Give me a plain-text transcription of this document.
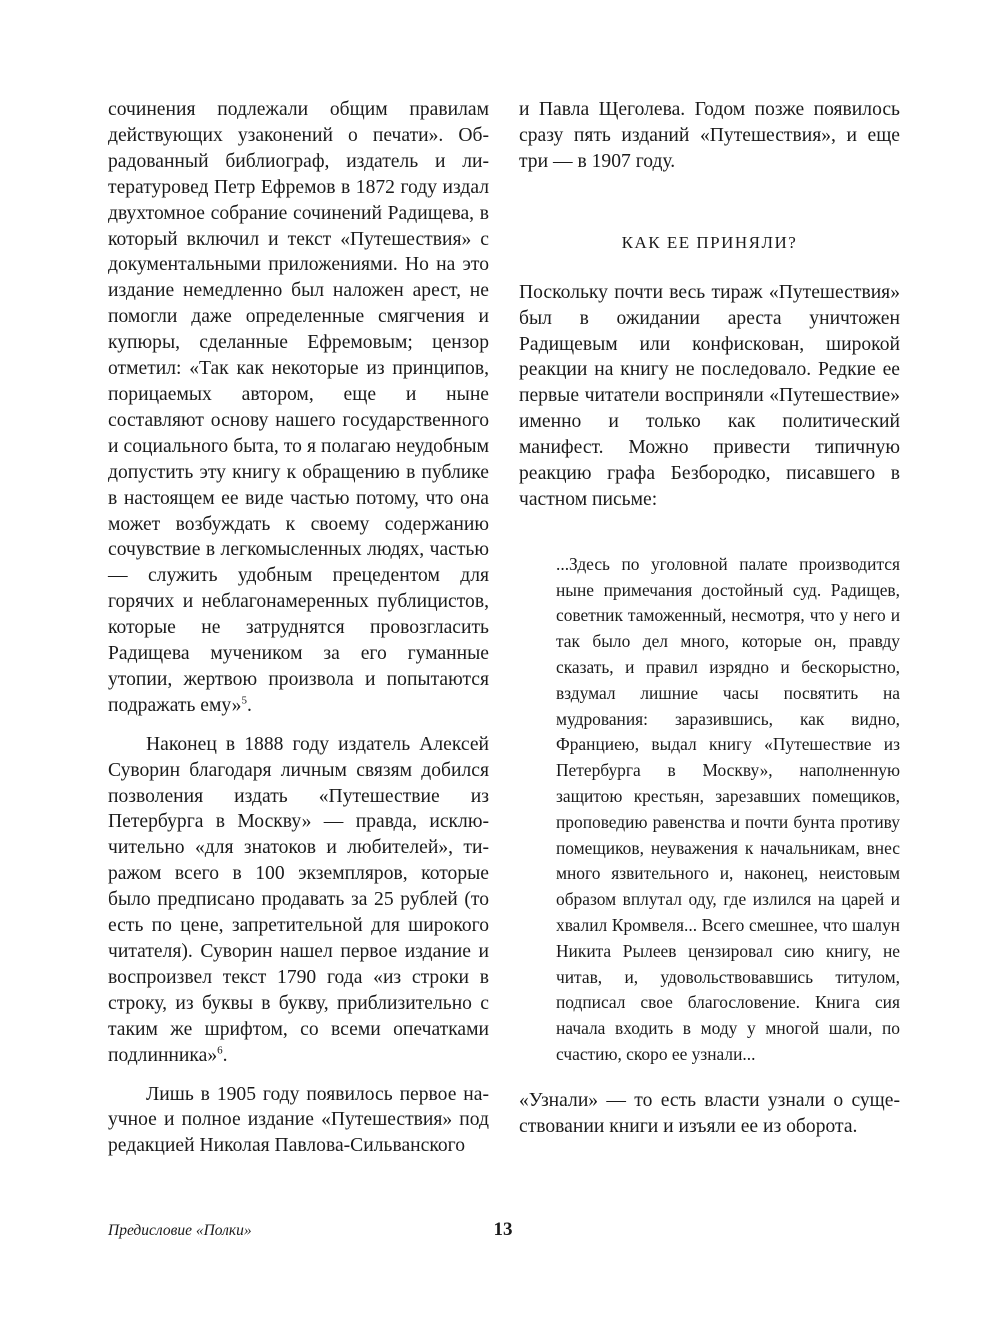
сочинения подлежали общим правилам действующих узаконений о печати». Обрадованный библиограф, издатель и литературовед Петр Ефремов в 1872 году издал двухтомное собрание сочинений Радищева, в который включил и текст «Путешествия» с документальными приложениями. Но на это издание немедленно был наложен арест, не помогли даже определенные смягчения и купюры, сделанные Ефремовым; цензор отметил: «Так как некоторые из принципов, порицаемых автором, еще и ныне составляют основу нашего государственного и социального быта, то я полагаю неудобным допустить эту книгу к обращению в публике в настоящем ее виде частью потому, что она может возбуждать к своему содержанию сочувствие в легкомысленных людях, частью — служить удобным прецедентом для горячих и неблагонамеренных публицистов, которые не затруднятся провозгласить Радищева мучеником за его гуманные утопии, жертвою произвола и попытаются подражать ему»$^5$.

Наконец в 1888 году издатель Алексей Суворин благодаря личным связям добился позволения издать «Путешествие из Петербурга в Москву» — правда, исключительно «для знатоков и любителей», тиражом всего в 100 экземпляров, которые было предписано продавать за 25 рублей (то есть по цене, запретительной для широкого читателя). Суворин нашел первое издание и воспроизвел текст 1790 года «из строки в строку, из буквы в букву, приблизительно с таким же шрифтом, со всеми опечатками подлинника»$^6$.

Лишь в 1905 году появилось первое научное и полное издание «Путешествия» под редакцией Николая Павлова-Сильванского

и Павла Щеголева. Годом позже появилось сразу пять изданий «Путешествия», и еще три — в 1907 году.

КАК ЕЕ ПРИНЯЛИ?

Поскольку почти весь тираж «Путешествия» был в ожидании ареста уничтожен Радищевым или конфискован, широкой реакции на книгу не последовало. Редкие ее первые читатели восприняли «Путешествие» именно и только как политический манифест. Можно привести типичную реакцию графа Безбородко, писавшего в частном письме:

...Здесь по уголовной палате производится ныне примечания достойный суд. Радищев, советник таможенный, несмотря, что у него и так было дел много, которые он, правду сказать, и правил изрядно и бескорыстно, вздумал лишние часы посвятить на мудрования: заразившись, как видно, Франциею, выдал книгу «Путешествие из Петербурга в Москву», наполненную защитою крестьян, зарезавших помещиков, проповедию равенства и почти бунта противу помещиков, неуважения к начальникам, внес много язвительного и, наконец, неистовым образом вплутал оду, где излился на царей и хвалил Кромвеля... Всего смешнее, что шалун Никита Рылеев цензировал сию книгу, не читав, и, удовольствовавшись титулом, подписал свое благословение. Книга сия начала входить в моду у многой шали, по счастию, скоро ее узнали...

«Узнали» — то есть власти узнали о существовании книги и изъяли ее из оборота.

Предисловие «Полки»	13
